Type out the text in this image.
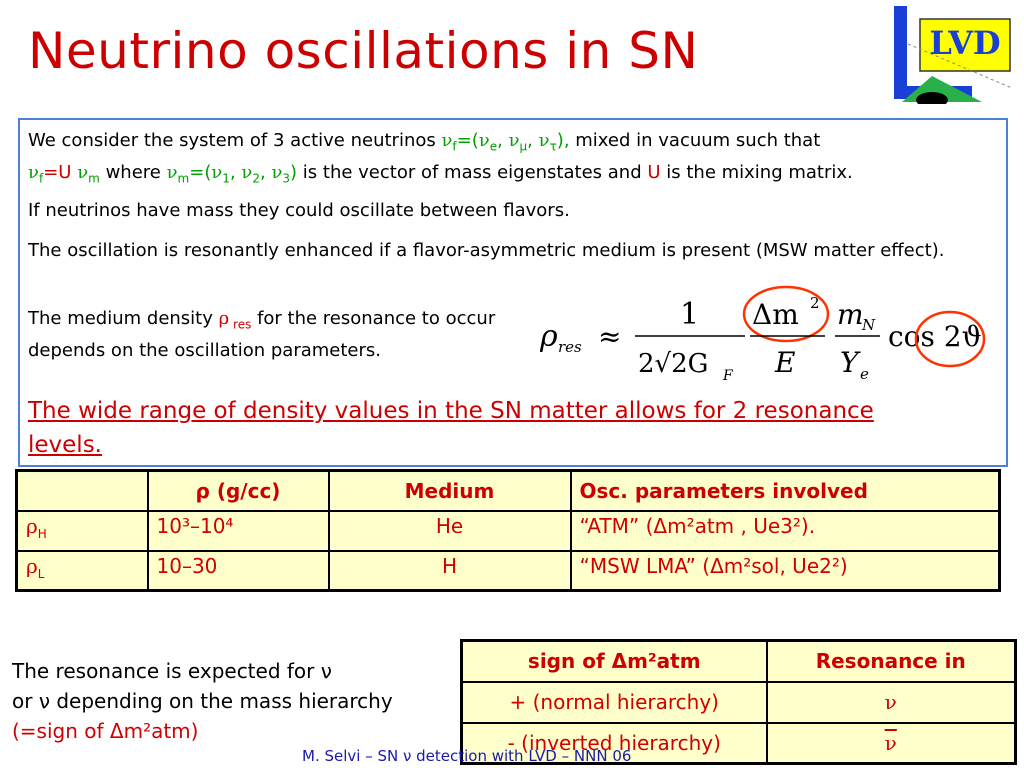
Neutrino oscillations in SN	LVD

We consider the system of 3 active neutrinos $\nu_f=(\nu_e$, $\nu_\mu$, $\nu_\tau$), mixed in vacuum such that
$\nu_f=U$ $\nu_m$ where $\nu_m=(\nu_1$, $\nu_2$, $\nu_3$) is the vector of mass eigenstates and U is the mixing matrix.

If neutrinos have mass they could oscillate between flavors.

The oscillation is resonantly enhanced if a flavor-asymmetric medium is present (MSW matter effect).

The medium density ρ $_{res}$ for the resonance to occur depends on the oscillation parameters.	ρ res ≈
1
2√2G F
Δm 2
E
m
N
Y e
cos 2ϑ
The wide range of density values in the SN matter allows for 2 resonance levels.
	ρ (g/cc)	Medium	Osc. parameters involved
$\rho_H$	10³–10⁴	He	“ATM” (Δm²atm , Ue3²).
$\rho_L$	10–30	H	“MSW LMA” (Δm²sol, Ue2²)
sign of Δm²atm	Resonance in
+ (normal hierarchy)	ν
- (inverted hierarchy)	$\overline{\nu}$
The resonance is expected for ν
or ν depending on the mass hierarchy
(=sign of Δm²atm)
M. Selvi – SN ν detection with LVD – NNN 06
